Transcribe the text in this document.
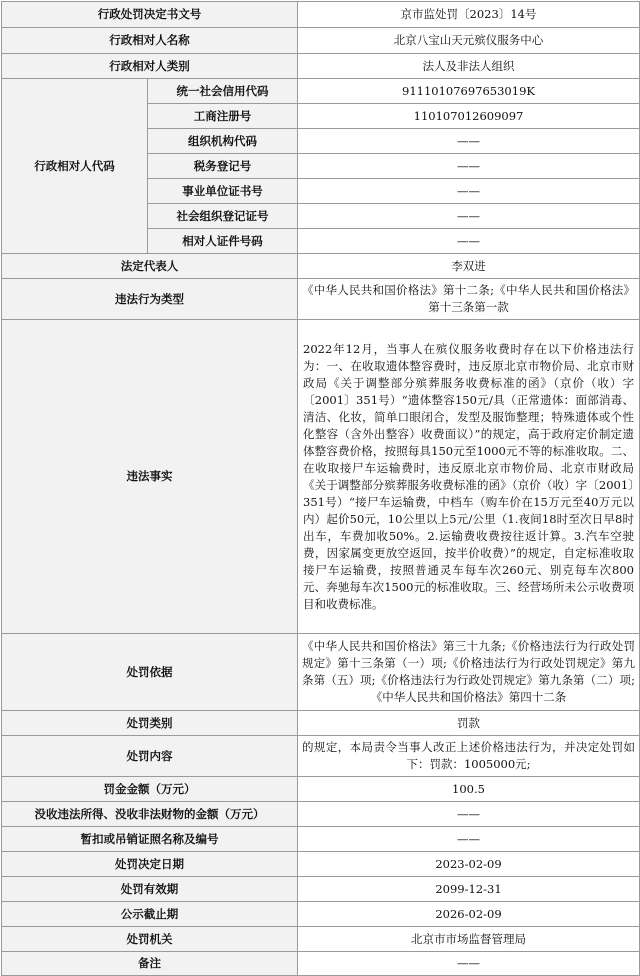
行政处罚决定书文号		京市监处罚〔2023〕14号
行政相对人名称		北京八宝山天元殡仪服务中心
行政相对人类别		法人及非法人组织
行政相对人代码	统一社会信用代码	91110107697653019K
	工商注册号	110107012609097
	组织机构代码	——
	税务登记号	——
	事业单位证书号	——
	社会组织登记证号	——
	相对人证件号码	——
法定代表人		李双进
违法行为类型		《中华人民共和国价格法》第十二条;《中华人民共和国价格法》第十三条第一款
违法事实		2022年12月，当事人在殡仪服务收费时存在以下价格违法行为：一、在收取遗体整容费时，违反原北京市物价局、北京市财政局《关于调整部分殡葬服务收费标准的函》（京价（收）字〔2001〕351号）“遗体整容150元/具（正常遗体：面部消毒、清洁、化妆，简单口眼闭合，发型及服饰整理；特殊遗体或个性化整容（含外出整容）收费面议）”的规定，高于政府定价制定遗体整容费价格，按照每具150元至1000元不等的标准收取。二、在收取接尸车运输费时，违反原北京市物价局、北京市财政局《关于调整部分殡葬服务收费标准的函》（京价（收）字〔2001〕351号）“接尸车运输费，中档车（购车价在15万元至40万元以内）起价50元，10公里以上5元/公里（1.夜间18时至次日早8时出车，车费加收50%。2.运输费收费按往返计算。3.汽车空驶费，因家属变更放空返回，按半价收费）”的规定，自定标准收取接尸车运输费，按照普通灵车每车次260元、别克每车次800元、奔驰每车次1500元的标准收取。三、经营场所未公示收费项目和收费标准。
处罚依据		《中华人民共和国价格法》第三十九条;《价格违法行为行政处罚规定》第十三条第（一）项;《价格违法行为行政处罚规定》第九条第（五）项;《价格违法行为行政处罚规定》第九条第（二）项;《中华人民共和国价格法》第四十二条
处罚类别		罚款
处罚内容		的规定，本局责令当事人改正上述价格违法行为，并决定处罚如下：罚款：1005000元;
罚金金额（万元）		100.5
没收违法所得、没收非法财物的金额（万元）		——
暂扣或吊销证照名称及编号		——
处罚决定日期		2023-02-09
处罚有效期		2099-12-31
公示截止期		2026-02-09
处罚机关		北京市市场监督管理局
备注		——
